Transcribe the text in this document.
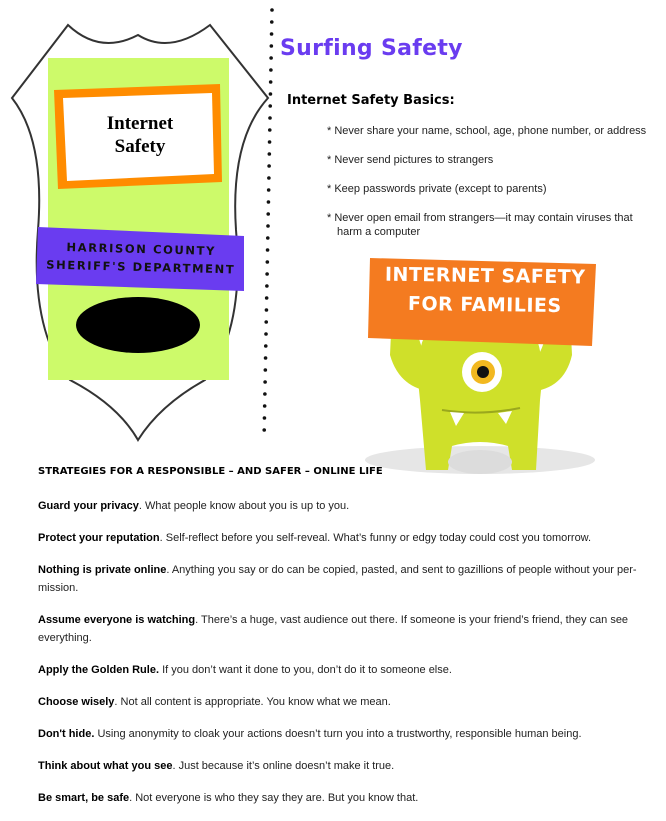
Internet
Safety
HARRISON COUNTY
SHERIFF'S DEPARTMENT
Surfing Safety
Internet Safety Basics:
* Never share your name, school, age, phone number, or address
* Never send pictures to strangers
* Keep passwords private (except to parents)
* Never open email from strangers—it may contain viruses that harm a computer
INTERNET SAFETY
FOR FAMILIES
STRATEGIES FOR A RESPONSIBLE – AND SAFER – ONLINE LIFE

Guard your privacy. What people know about you is up to you.

Protect your reputation. Self-reflect before you self-reveal. What’s funny or edgy today could cost you tomorrow.

Nothing is private online. Anything you say or do can be copied, pasted, and sent to gazillions of people without your per-mission.

Assume everyone is watching. There’s a huge, vast audience out there. If someone is your friend’s friend, they can see everything.

Apply the Golden Rule. If you don’t want it done to you, don’t do it to someone else.

Choose wisely. Not all content is appropriate. You know what we mean.

Don't hide. Using anonymity to cloak your actions doesn’t turn you into a trustworthy, responsible human being.

Think about what you see. Just because it’s online doesn’t make it true.

Be smart, be safe. Not everyone is who they say they are. But you know that.
